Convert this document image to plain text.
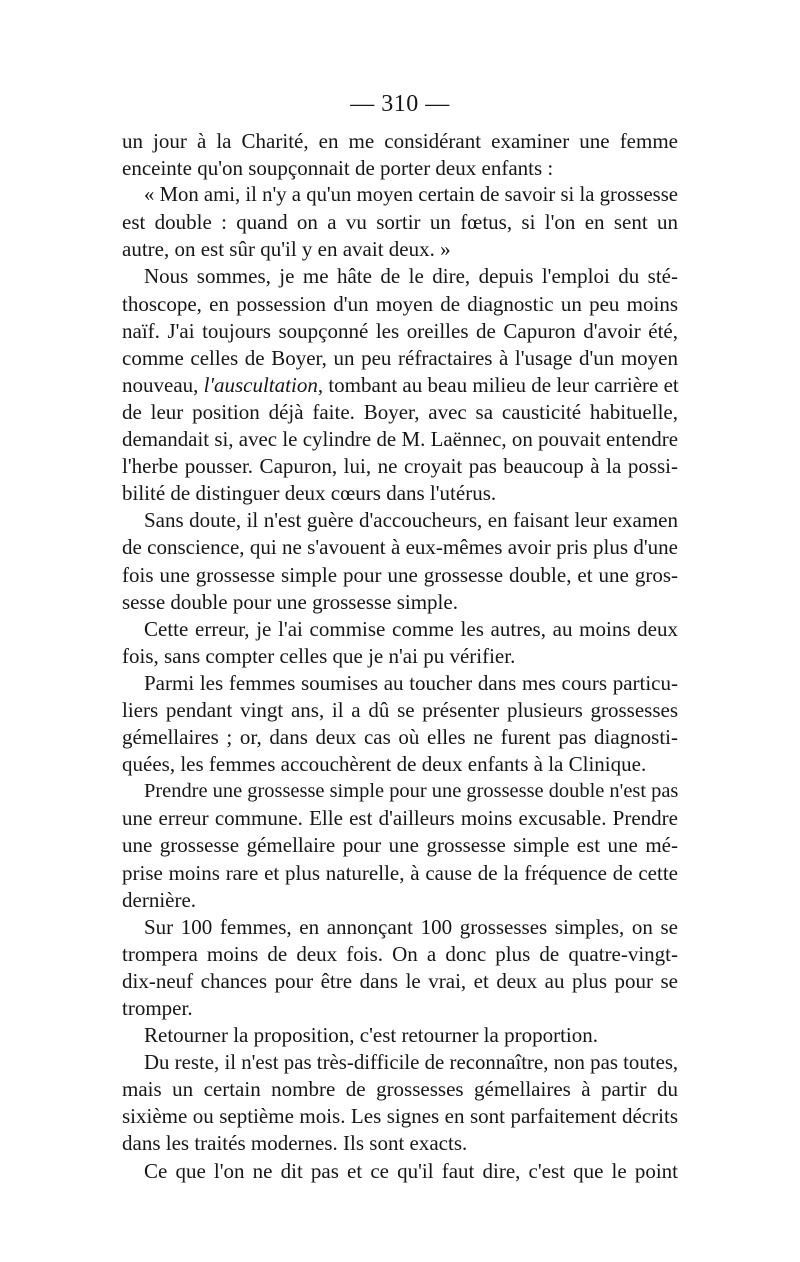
— 310 —
un jour à la Charité, en me considérant examiner une femme
enceinte qu'on soupçonnait de porter deux enfants :
« Mon ami, il n'y a qu'un moyen certain de savoir si la grossesse
est double : quand on a vu sortir un fœtus, si l'on en sent un
autre, on est sûr qu'il y en avait deux. »
Nous sommes, je me hâte de le dire, depuis l'emploi du sté-
thoscope, en possession d'un moyen de diagnostic un peu moins
naïf. J'ai toujours soupçonné les oreilles de Capuron d'avoir été,
comme celles de Boyer, un peu réfractaires à l'usage d'un moyen
nouveau, l'auscultation, tombant au beau milieu de leur carrière et
de leur position déjà faite. Boyer, avec sa causticité habituelle,
demandait si, avec le cylindre de M. Laënnec, on pouvait entendre
l'herbe pousser. Capuron, lui, ne croyait pas beaucoup à la possi-
bilité de distinguer deux cœurs dans l'utérus.
Sans doute, il n'est guère d'accoucheurs, en faisant leur examen
de conscience, qui ne s'avouent à eux-mêmes avoir pris plus d'une
fois une grossesse simple pour une grossesse double, et une gros-
sesse double pour une grossesse simple.
Cette erreur, je l'ai commise comme les autres, au moins deux
fois, sans compter celles que je n'ai pu vérifier.
Parmi les femmes soumises au toucher dans mes cours particu-
liers pendant vingt ans, il a dû se présenter plusieurs grossesses
gémellaires ; or, dans deux cas où elles ne furent pas diagnosti-
quées, les femmes accouchèrent de deux enfants à la Clinique.
Prendre une grossesse simple pour une grossesse double n'est pas
une erreur commune. Elle est d'ailleurs moins excusable. Prendre
une grossesse gémellaire pour une grossesse simple est une mé-
prise moins rare et plus naturelle, à cause de la fréquence de cette
dernière.
Sur 100 femmes, en annonçant 100 grossesses simples, on se
trompera moins de deux fois. On a donc plus de quatre-vingt-
dix-neuf chances pour être dans le vrai, et deux au plus pour se
tromper.
Retourner la proposition, c'est retourner la proportion.
Du reste, il n'est pas très-difficile de reconnaître, non pas toutes,
mais un certain nombre de grossesses gémellaires à partir du
sixième ou septième mois. Les signes en sont parfaitement décrits
dans les traités modernes. Ils sont exacts.
Ce que l'on ne dit pas et ce qu'il faut dire, c'est que le point
